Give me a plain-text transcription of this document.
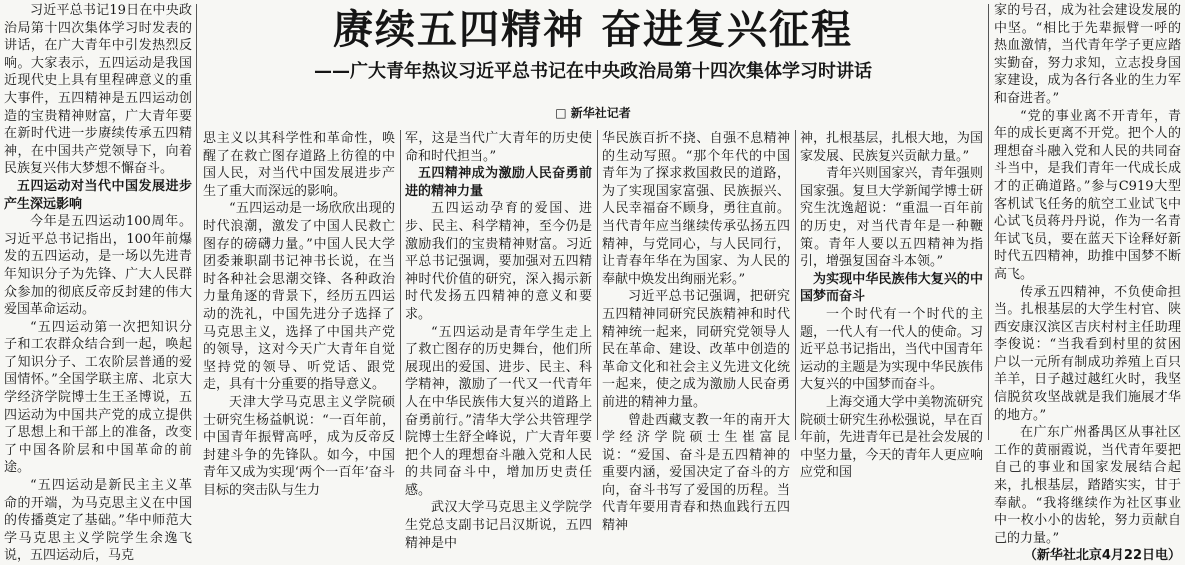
赓续五四精神 奋进复兴征程
——广大青年热议习近平总书记在中央政治局第十四次集体学习时讲话
□ 新华社记者

习近平总书记19日在中央政治局第十四次集体学习时发表的讲话，在广大青年中引发热烈反响。大家表示，五四运动是我国近现代史上具有里程碑意义的重大事件，五四精神是五四运动创造的宝贵精神财富，广大青年要在新时代进一步赓续传承五四精神，在中国共产党领导下，向着民族复兴伟大梦想不懈奋斗。

五四运动对当代中国发展进步产生深远影响

今年是五四运动100周年。习近平总书记指出，100年前爆发的五四运动，是一场以先进青年知识分子为先锋、广大人民群众参加的彻底反帝反封建的伟大爱国革命运动。

“五四运动第一次把知识分子和工农群众结合到一起，唤起了知识分子、工农阶层普通的爱国情怀。”全国学联主席、北京大学经济学院博士生王圣博说，五四运动为中国共产党的成立提供了思想上和干部上的准备，改变了中国各阶层和中国革命的前途。

“五四运动是新民主主义革命的开端，为马克思主义在中国的传播奠定了基础。”华中师范大学马克思主义学院学生余逸飞说，五四运动后，马克

思主义以其科学性和革命性，唤醒了在救亡图存道路上彷徨的中国人民，对当代中国发展进步产生了重大而深远的影响。

“五四运动是一场欣欣出现的时代浪潮，激发了中国人民救亡图存的磅礴力量。”中国人民大学团委兼职副书记神书长说，在当时各种社会思潮交锋、各种政治力量角逐的背景下，经历五四运动的洗礼，中国先进分子选择了马克思主义，选择了中国共产党的领导，这对今天广大青年自觉坚持党的领导、听党话、跟党走，具有十分重要的指导意义。

天津大学马克思主义学院硕士研究生杨益帆说：“一百年前，中国青年振臂高呼，成为反帝反封建斗争的先锋队。如今，中国青年又成为实现‘两个一百年’奋斗目标的突击队与生力

军，这是当代广大青年的历史使命和时代担当。”

五四精神成为激励人民奋勇前进的精神力量

五四运动孕育的爱国、进步、民主、科学精神，至今仍是激励我们的宝贵精神财富。习近平总书记强调，要加强对五四精神时代价值的研究，深入揭示新时代发扬五四精神的意义和要求。

“五四运动是青年学生走上了救亡图存的历史舞台，他们所展现出的爱国、进步、民主、科学精神，激励了一代又一代青年人在中华民族伟大复兴的道路上奋勇前行。”清华大学公共管理学院博士生舒全峰说，广大青年要把个人的理想奋斗融入党和人民的共同奋斗中，增加历史责任感。

武汉大学马克思主义学院学生党总支副书记吕汉斯说，五四精神是中

华民族百折不挠、自强不息精神的生动写照。“那个年代的中国青年为了探求救国救民的道路，为了实现国家富强、民族振兴、人民幸福奋不顾身，勇往直前。当代青年应当继续传承弘扬五四精神，与党同心，与人民同行，让青春年华在为国家、为人民的奉献中焕发出绚丽光彩。”

习近平总书记强调，把研究五四精神同研究民族精神和时代精神统一起来，同研究党领导人民在革命、建设、改革中创造的革命文化和社会主义先进文化统一起来，使之成为激励人民奋勇前进的精神力量。

曾赴西藏支教一年的南开大学经济学院硕士生崔富昆说：“爱国、奋斗是五四精神的重要内涵，爱国决定了奋斗的方向，奋斗书写了爱国的历程。当代青年要用青春和热血践行五四精神

神，扎根基层，扎根大地，为国家发展、民族复兴贡献力量。”

青年兴则国家兴，青年强则国家强。复旦大学新闻学博士研究生沈逸超说：“重温一百年前的历史，对当代青年是一种鞭策。青年人要以五四精神为指引，增强复国奋斗本领。”

为实现中华民族伟大复兴的中国梦而奋斗

一个时代有一个时代的主题，一代人有一代人的使命。习近平总书记指出，当代中国青年运动的主题是为实现中华民族伟大复兴的中国梦而奋斗。

上海交通大学中美物流研究院硕士研究生孙松强说，早在百年前，先进青年已是社会发展的中坚力量，今天的青年人更应响应党和国

家的号召，成为社会建设发展的中坚。“相比于先辈振臂一呼的热血激情，当代青年学子更应踏实勤奋，努力求知，立志投身国家建设，成为各行各业的生力军和奋进者。”

“党的事业离不开青年，青年的成长更离不开党。把个人的理想奋斗融入党和人民的共同奋斗当中，是我们青年一代成长成才的正确道路。”参与C919大型客机试飞任务的航空工业试飞中心试飞员蒋丹丹说，作为一名青年试飞员，要在蓝天下诠释好新时代五四精神，助推中国梦不断高飞。

传承五四精神，不负使命担当。扎根基层的大学生村官、陕西安康汉滨区吉庆村村主任助理李俊说：“当我看到村里的贫困户以一元所有制成功养殖上百只羊羊，日子越过越红火时，我坚信脱贫攻坚战就是我们施展才华的地方。”

在广东广州番禺区从事社区工作的黄丽霞说，当代青年要把自己的事业和国家发展结合起来，扎根基层，踏踏实实，甘于奉献。“我将继续作为社区事业中一枚小小的齿轮，努力贡献自己的力量。”

（新华社北京4月22日电）
